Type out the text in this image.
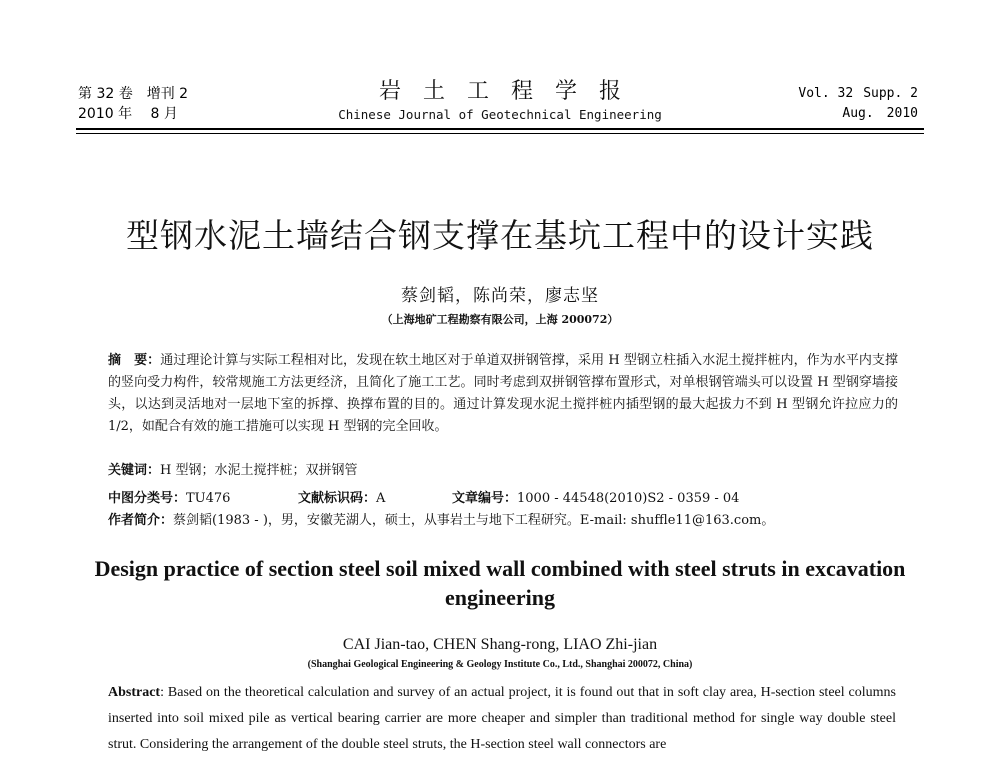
第 32 卷　增刊 2
2010 年　 8 月
岩土工程学报
Chinese Journal of Geotechnical Engineering
Vol. 32 Supp. 2
Aug.　2010
型钢水泥土墙结合钢支撑在基坑工程中的设计实践
蔡剑韬，陈尚荣，廖志坚
（上海地矿工程勘察有限公司，上海 200072）
摘　要：通过理论计算与实际工程相对比，发现在软土地区对于单道双拼钢管撑，采用 H 型钢立柱插入水泥土搅拌桩内，作为水平内支撑的竖向受力构件，较常规施工方法更经济，且简化了施工工艺。同时考虑到双拼钢管撑布置形式，对单根钢管端头可以设置 H 型钢穿墙接头，以达到灵活地对一层地下室的拆撑、换撑布置的目的。通过计算发现水泥土搅拌桩内插型钢的最大起拔力不到 H 型钢允许拉应力的 1/2，如配合有效的施工措施可以实现 H 型钢的完全回收。
关键词：H 型钢；水泥土搅拌桩；双拼钢管
中图分类号：TU476	文献标识码：A	文章编号：1000 - 44548(2010)S2 - 0359 - 04
作者简介：蔡剑韬(1983 - )，男，安徽芜湖人，硕士，从事岩土与地下工程研究。E-mail: shuffle11@163.com。
Design practice of section steel soil mixed wall combined with steel struts in excavation engineering
CAI Jian-tao, CHEN Shang-rong, LIAO Zhi-jian
(Shanghai Geological Engineering & Geology Institute Co., Ltd., Shanghai 200072, China)
Abstract: Based on the theoretical calculation and survey of an actual project, it is found out that in soft clay area, H-section steel columns inserted into soil mixed pile as vertical bearing carrier are more cheaper and simpler than traditional method for single way double steel strut. Considering the arrangement of the double steel struts, the H-section steel wall connectors are
